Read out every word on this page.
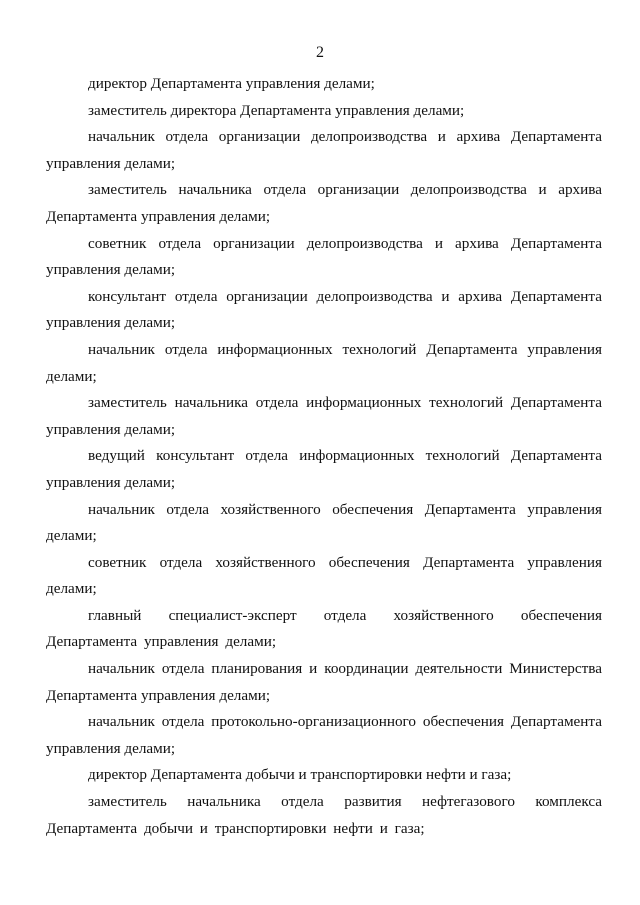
2

директор Департамента управления делами;

заместитель директора Департамента управления делами;

начальник отдела организации делопроизводства и архива Департамента управления делами;

заместитель начальника отдела организации делопроизводства и архива Департамента управления делами;

советник отдела организации делопроизводства и архива Департамента управления делами;

консультант отдела организации делопроизводства и архива Департамента управления делами;

начальник отдела информационных технологий Департамента управления делами;

заместитель начальника отдела информационных технологий Департамента управления делами;

ведущий консультант отдела информационных технологий Департамента управления делами;

начальник отдела хозяйственного обеспечения Департамента управления делами;

советник отдела хозяйственного обеспечения Департамента управления делами;

главный специалист-эксперт отдела хозяйственного обеспечения Департамента управления делами;

начальник отдела планирования и координации деятельности Министерства Департамента управления делами;

начальник отдела протокольно-организационного обеспечения Департамента управления делами;

директор Департамента добычи и транспортировки нефти и газа;

заместитель начальника отдела развития нефтегазового комплекса Департамента добычи и транспортировки нефти и газа;
